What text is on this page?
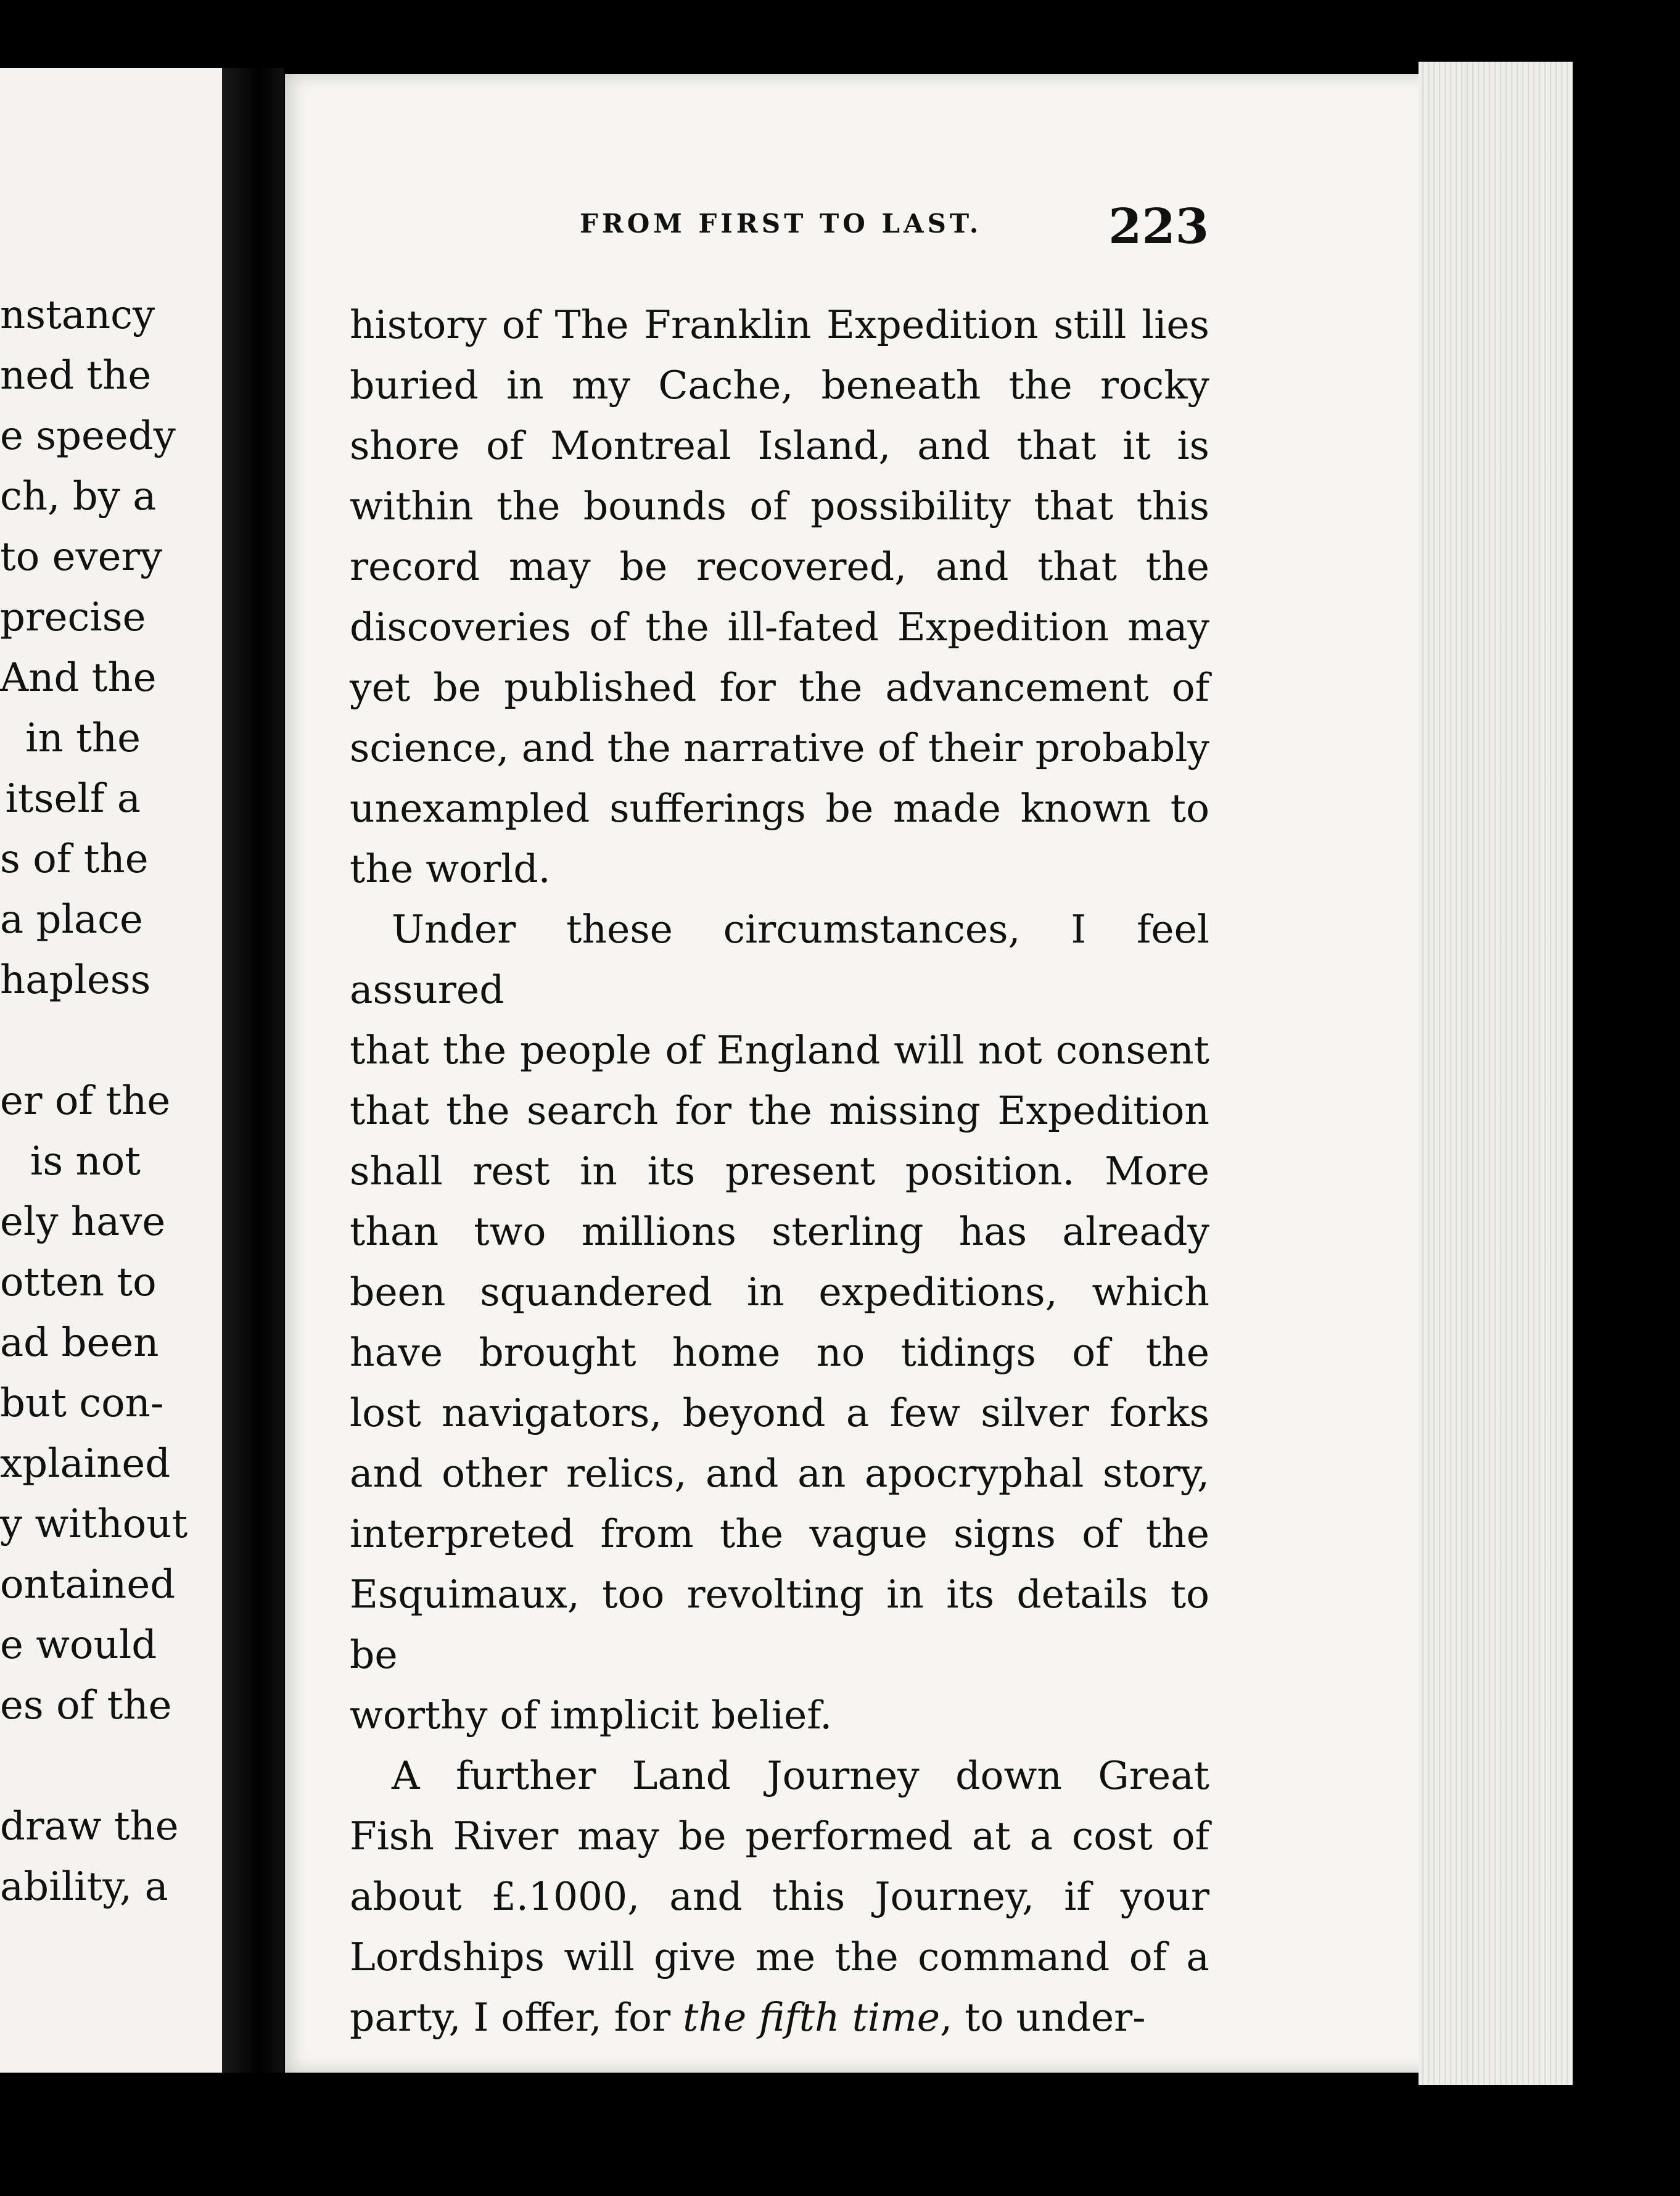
nstancy
ned the
e speedy
ch, by a
to every
precise
And the
in the
itself a
s of the
a place
hapless
er of the
is not
ely have
otten to
ad been
but con-
xplained
y without
ontained
e would
es of the
draw the
ability, a
FROM FIRST TO LAST.	223

history of The Franklin Expedition still lies

buried in my Cache, beneath the rocky

shore of Montreal Island, and that it is

within the bounds of possibility that this

record may be recovered, and that the

discoveries of the ill-fated Expedition may

yet be published for the advancement of

science, and the narrative of their probably

unexampled sufferings be made known to

the world.

Under these circumstances, I feel assured

that the people of England will not consent

that the search for the missing Expedition

shall rest in its present position. More

than two millions sterling has already

been squandered in expeditions, which

have brought home no tidings of the

lost navigators, beyond a few silver forks

and other relics, and an apocryphal story,

interpreted from the vague signs of the

Esquimaux, too revolting in its details to be

worthy of implicit belief.

A further Land Journey down Great

Fish River may be performed at a cost of

about £.1000, and this Journey, if your

Lordships will give me the command of a

party, I offer, for the fifth time, to under-
